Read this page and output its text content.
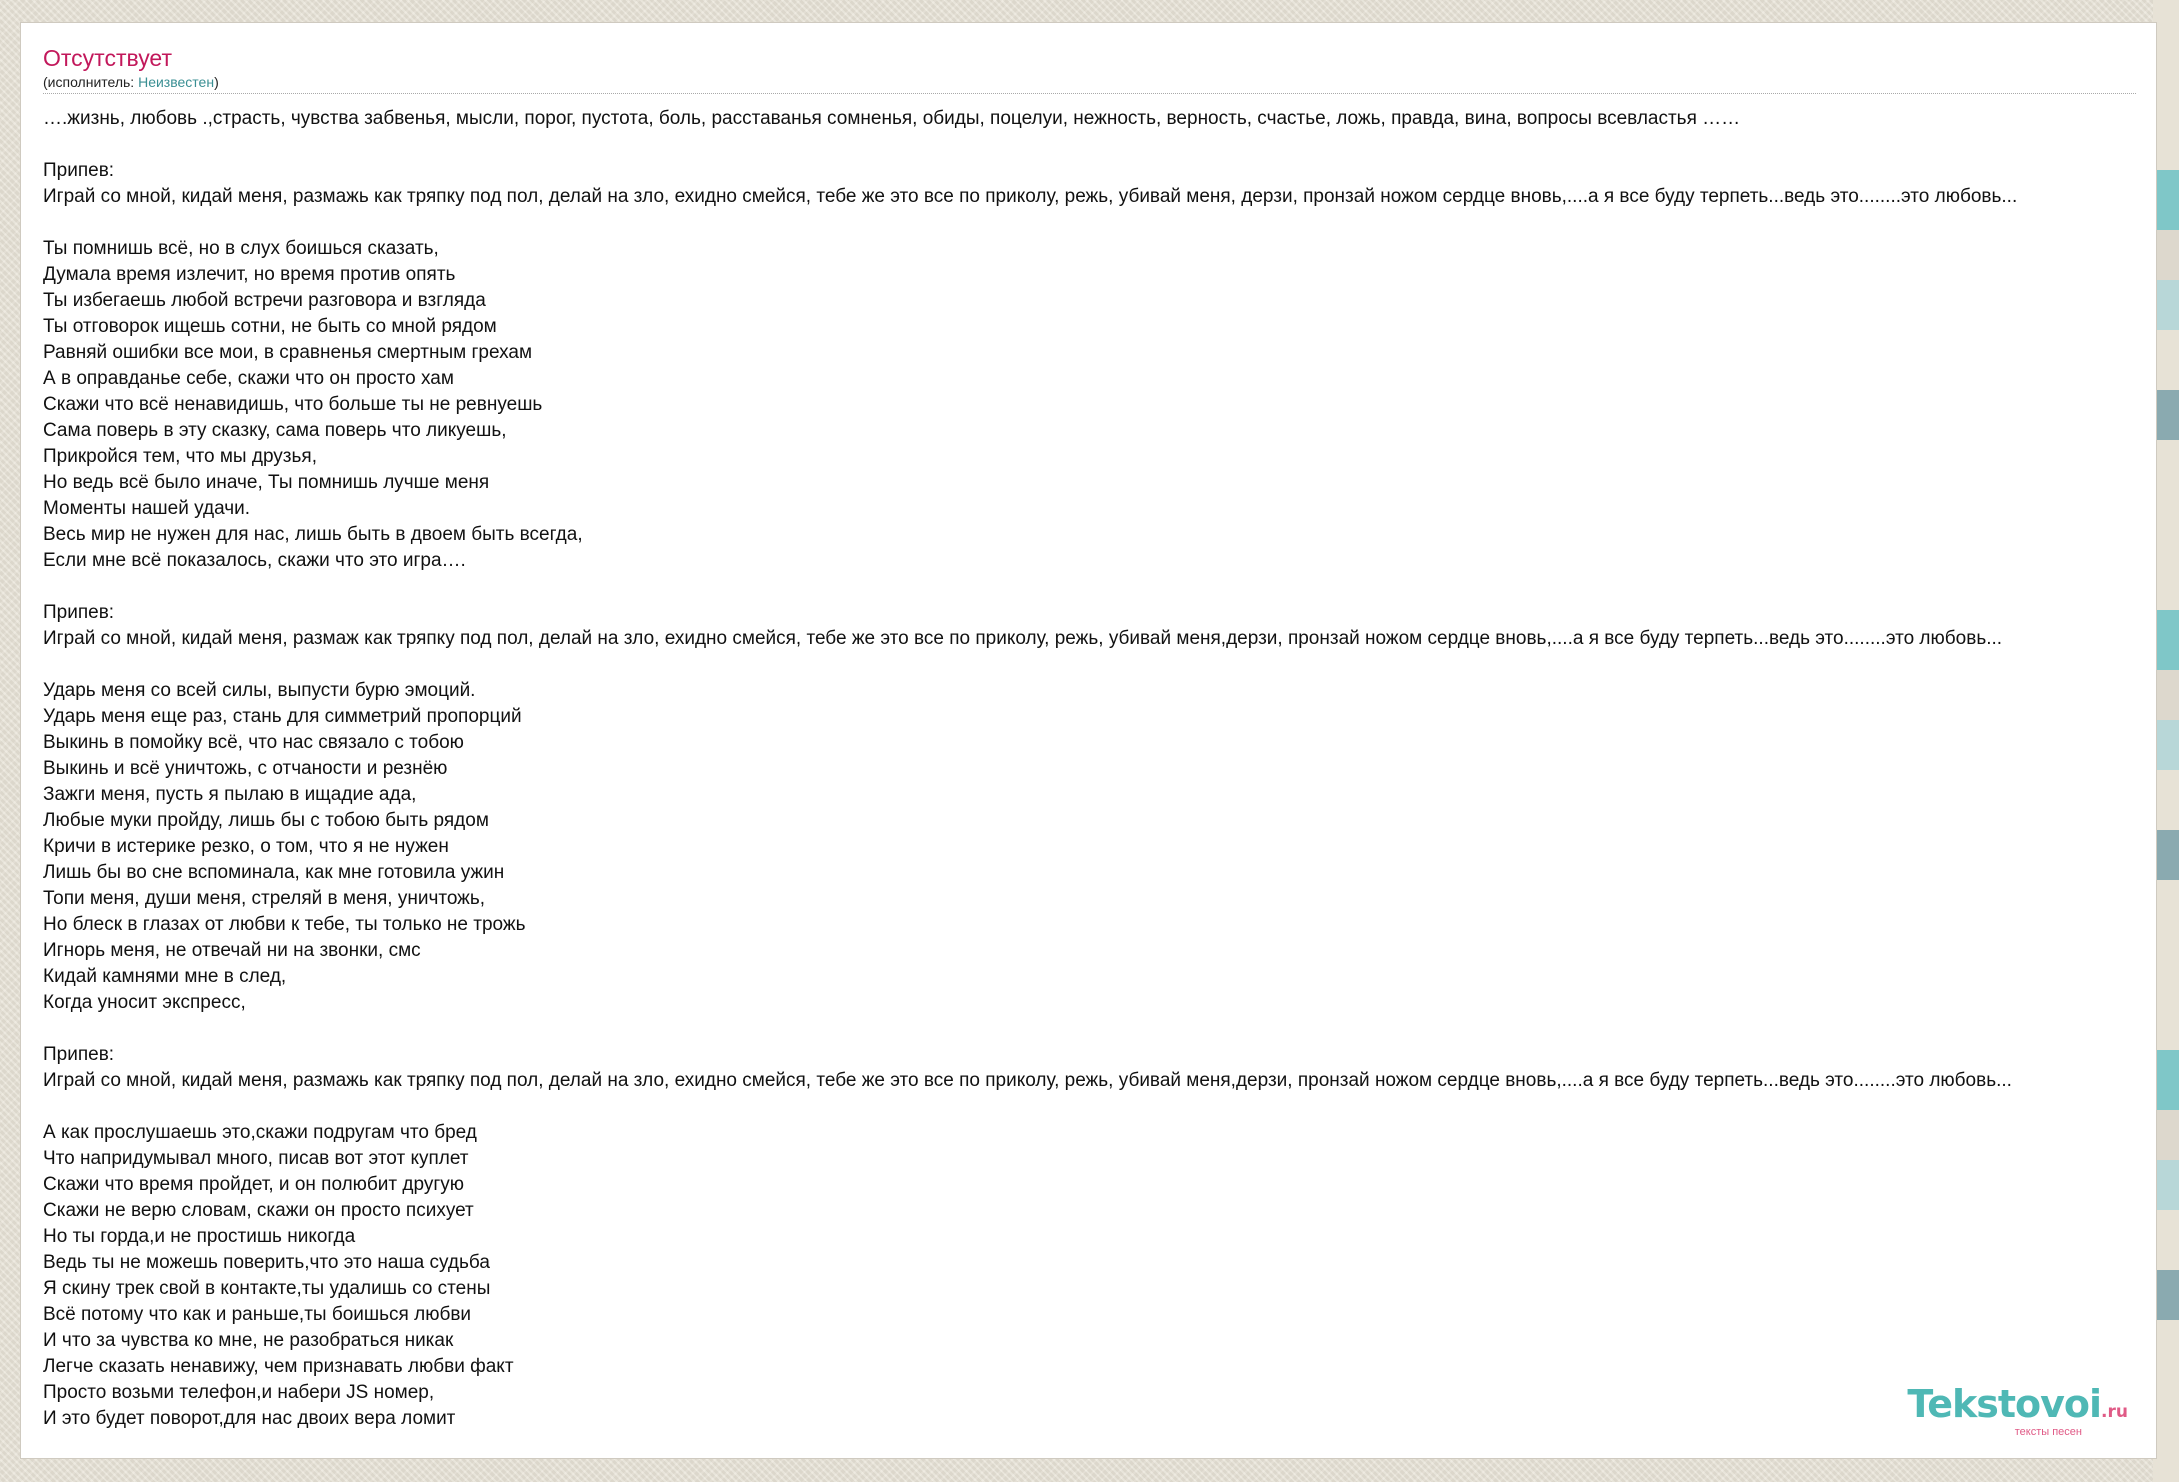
Отсутствует
(исполнитель: Неизвестен)
….жизнь, любовь .,страсть, чувства забвенья, мысли, порог, пустота, боль, расставанья сомненья, обиды, поцелуи, нежность, верность, счастье, ложь, правда, вина, вопросы всевластья ……
Припев:
Играй со мной, кидай меня, размажь как тряпку под пол, делай на зло, ехидно смейся, тебе же это все по приколу, режь, убивай меня, дерзи, пронзай ножом сердце вновь,....а я все буду терпеть...ведь это........это любовь...
Ты помнишь всё, но в слух боишься сказать,
Думала время излечит, но время против опять
Ты избегаешь любой встречи разговора и взгляда
Ты отговорок ищешь сотни, не быть со мной рядом
Равняй ошибки все мои, в сравненья смертным грехам
А в оправданье себе, скажи что он просто хам
Скажи что всё ненавидишь, что больше ты не ревнуешь
Сама поверь в эту сказку, сама поверь что ликуешь,
Прикройся тем, что мы друзья,
Но ведь всё было иначе, Ты помнишь лучше меня
Моменты нашей удачи.
Весь мир не нужен для нас, лишь быть в двоем быть всегда,
Если мне всё показалось, скажи что это игра….
Припев:
Играй со мной, кидай меня, размаж как тряпку под пол, делай на зло, ехидно смейся, тебе же это все по приколу, режь, убивай меня,дерзи, пронзай ножом сердце вновь,....а я все буду терпеть...ведь это........это любовь...
Ударь меня со всей силы, выпусти бурю эмоций.
Ударь меня еще раз, стань для симметрий пропорций
Выкинь в помойку всё, что нас связало с тобою
Выкинь и всё уничтожь, с отчаности и резнёю
Зажги меня, пусть я пылаю в ищадие ада,
Любые муки пройду, лишь бы с тобою быть рядом
Кричи в истерике резко, о том, что я не нужен
Лишь бы во сне вспоминала, как мне готовила ужин
Топи меня, души меня, стреляй в меня, уничтожь,
Но блеск в глазах от любви к тебе, ты только не трожь
Игнорь меня, не отвечай ни на звонки, смс
Кидай камнями мне в след,
Когда уносит экспресс,
Припев:
Играй со мной, кидай меня, размажь как тряпку под пол, делай на зло, ехидно смейся, тебе же это все по приколу, режь, убивай меня,дерзи, пронзай ножом сердце вновь,....а я все буду терпеть...ведь это........это любовь...
А как прослушаешь это,скажи подругам что бред
Что напридумывал много, писав вот этот куплет
Скажи что время пройдет, и он полюбит другую
Скажи не верю словам, скажи он просто психует
Но ты горда,и не простишь никогда
Ведь ты не можешь поверить,что это наша судьба
Я скину трек свой в контакте,ты удалишь со стены
Всё потому что как и раньше,ты боишься любви
И что за чувства ко мне, не разобраться никак
Легче сказать ненавижу, чем признавать любви факт
Просто возьми телефон,и набери JS номер,
И это будет поворот,для нас двоих вера ломит	Tekstovoi.ru
тексты песен
